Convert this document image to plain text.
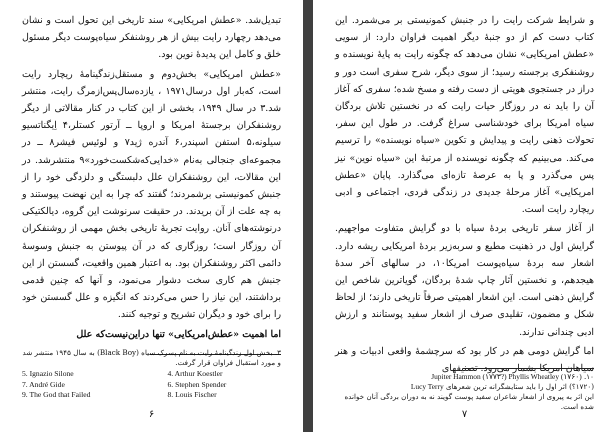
تبدیل‌شد. «عطش امریکایی» سند تاریخی این تحول است و نشان می‌دهد رچهارد رایت بیش از هر روشنفکر سیاه‌پوست دیگر مسئول خلق و کامل این پدیدهٔ نوین بود.

«عطش امریکایی» بخش‌دوم و مستقل‌زندگینامهٔ ریچارد رایت است، که‌بار اول در‌سال۱۹۷۱ ، یازده‌سال‌پس‌ازمرگ رایت، منتشر شد.۳ در سال ۱۹۴۹، بخشی از این کتاب در کنار مقالاتی از دیگر روشنفکران برجستهٔ امریکا و اروپا ــ آرتور کستلر،۴ اِیگناتسیو سیلونه،۵ استفن اسپندر،۶ آندره ژید۷ و لوئیس فیشر۸ ــ در مجموعه‌ای جنجالی به‌نام «خدایی‌که‌شکست‌خورد»۹ منتشرشد. در این مقالات، این روشنفکران علل دلبستگی و دلزدگی خود را از جنبش کمونیستی برشمردند؛ گفتند که چرا به این نهضت پیوستند و به چه علت از آن بریدند. در حقیقت سرنوشت این گروه، دیالکتیکی درنوشته‌های آنان. روایت تجربهٔ تاریخی بخش مهمی از روشنفکران آن روزگار است؛ روزگاری که در آن پیوستن به جنبش وسوسهٔ دائمی اکثر روشنفکران بود. به اعتبار همین واقعیت، گسستن از این جنبش هم کاری سخت دشوار می‌نمود، و آنها که چنین قدمی برداشتند، این نیاز را حس می‌کردند که انگیزه و علل گسستن خود را برای خود و دیگران تشریح و توجیه کنند.

اما اهمیت «عطش‌امریکایی» تنها در‌این‌نیست‌که علل

۳. بخش اول زندگینامهٔ رایت به نام پسرک سیاه (Black Boy) به سال ۱۹۴۵ منتشر شد و مورد استقبال فراوان قرار گرفت.
5. Ignazio Silone	4. Arthur Koestler
7. André Gide	6. Stephen Spender
9. The God that Failed	8. Louis Fischer
۶

و شرایط شرکت رایت را در جنبش کمونیستی بر می‌شمرد. این کتاب دست کم از دو جنبهٔ دیگر اهمیت فراوان دارد: از سویی «عطش امریکایی» نشان می‌دهد که چگونه رایت به پایهٔ نویسنده و روشنفکری برجسته رسید؛ از سوی دیگر، شرح سفری است دور و دراز در جستجوی هویتی از دست رفته و مسخ شده؛ سفری که آغاز آن را باید نه در روزگار حیات رایت که در نخستین تلاش بردگان سیاه امریکا برای خودشناسی سراغ گرفت. در طول این سفر، تحولات ذهنی رایت و پیدایش و تکوین «سیاه نویسنده» را ترسیم می‌کند. می‌بینیم که چگونه نویسنده از مرتبهٔ این «سیاه نوین» نیز پس می‌گذرد و پا به عرصهٔ تازه‌ای می‌گذارد. پایان «عطش امریکایی» آغاز مرحلهٔ جدیدی در زندگی فردی، اجتماعی و ادبی ریچارد رایت است.

از آغاز سفر تاریخی بردهٔ سیاه با دو گرایش متفاوت مواجهیم. گرایش اول در ذهنیت مطیع و سربه‌زیر بردهٔ امریکایی ریشه دارد. اشعار سه بردهٔ سیاه‌پوست امریکا۱۰، در سالهای آخر سدهٔ هیجدهم، و نخستین آثار چاپ شدهٔ بردگان، گویاترین شاخص این گرایش ذهنی است. این اشعار اهمیتی صرفاً تاریخی دارند؛ از لحاظ شکل و مضمون، تقلیدی صرف از اشعار سفید پوستانند و ارزش ادبی چندانی ندارند.

اما گرایش دومی هم در کار بود که سرچشمهٔ واقعی ادبیات و هنر سیاهان امریکا بشمار می‌رود. تصنیفهای

۱۰. Jupiter Hammon (۱۷۷۳?) Phyllis Wheatley (۱۷۶۰)
(۱۷۲۰؟) اثر اول را باید ستایشگرانه ترین شعرهای Lucy Terry
این اثر به پیروی از اشعار شاعران سفید پوست گویند نه به دوران بردگی آنان خوانده شده است.
۷
